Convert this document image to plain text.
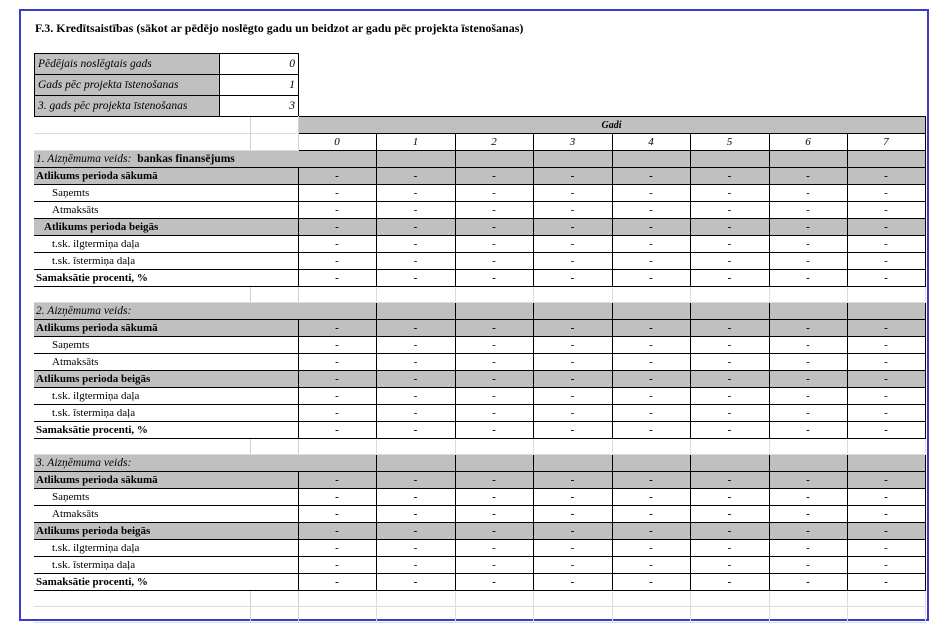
F.3. Kredītsaistības (sākot ar pēdējo noslēgto gadu un beidzot ar gadu pēc projekta īstenošanas)
Pēdējais noslēgtais gads	0
Gads pēc projekta īstenošanas	1
3. gads pēc projekta īstenošanas	3
			Gadi							
			0	1	2	3	4	5	6	7
1. Aizņēmuma veids: bankas finansējums										
Atlikums perioda sākumā			-	-	-	-	-	-	-	-
Saņemts			-	-	-	-	-	-	-	-
Atmaksāts			-	-	-	-	-	-	-	-
Atlikums perioda beigās			-	-	-	-	-	-	-	-
t.sk. ilgtermiņa daļa			-	-	-	-	-	-	-	-
t.sk. īstermiņa daļa			-	-	-	-	-	-	-	-
Samaksātie procenti, %			-	-	-	-	-	-	-	-

2. Aizņēmuma veids:										
Atlikums perioda sākumā			-	-	-	-	-	-	-	-
Saņemts			-	-	-	-	-	-	-	-
Atmaksāts			-	-	-	-	-	-	-	-
Atlikums perioda beigās			-	-	-	-	-	-	-	-
t.sk. ilgtermiņa daļa			-	-	-	-	-	-	-	-
t.sk. īstermiņa daļa			-	-	-	-	-	-	-	-
Samaksātie procenti, %			-	-	-	-	-	-	-	-

3. Aizņēmuma veids:										
Atlikums perioda sākumā			-	-	-	-	-	-	-	-
Saņemts			-	-	-	-	-	-	-	-
Atmaksāts			-	-	-	-	-	-	-	-
Atlikums perioda beigās			-	-	-	-	-	-	-	-
t.sk. ilgtermiņa daļa			-	-	-	-	-	-	-	-
t.sk. īstermiņa daļa			-	-	-	-	-	-	-	-
Samaksātie procenti, %			-	-	-	-	-	-	-	-
